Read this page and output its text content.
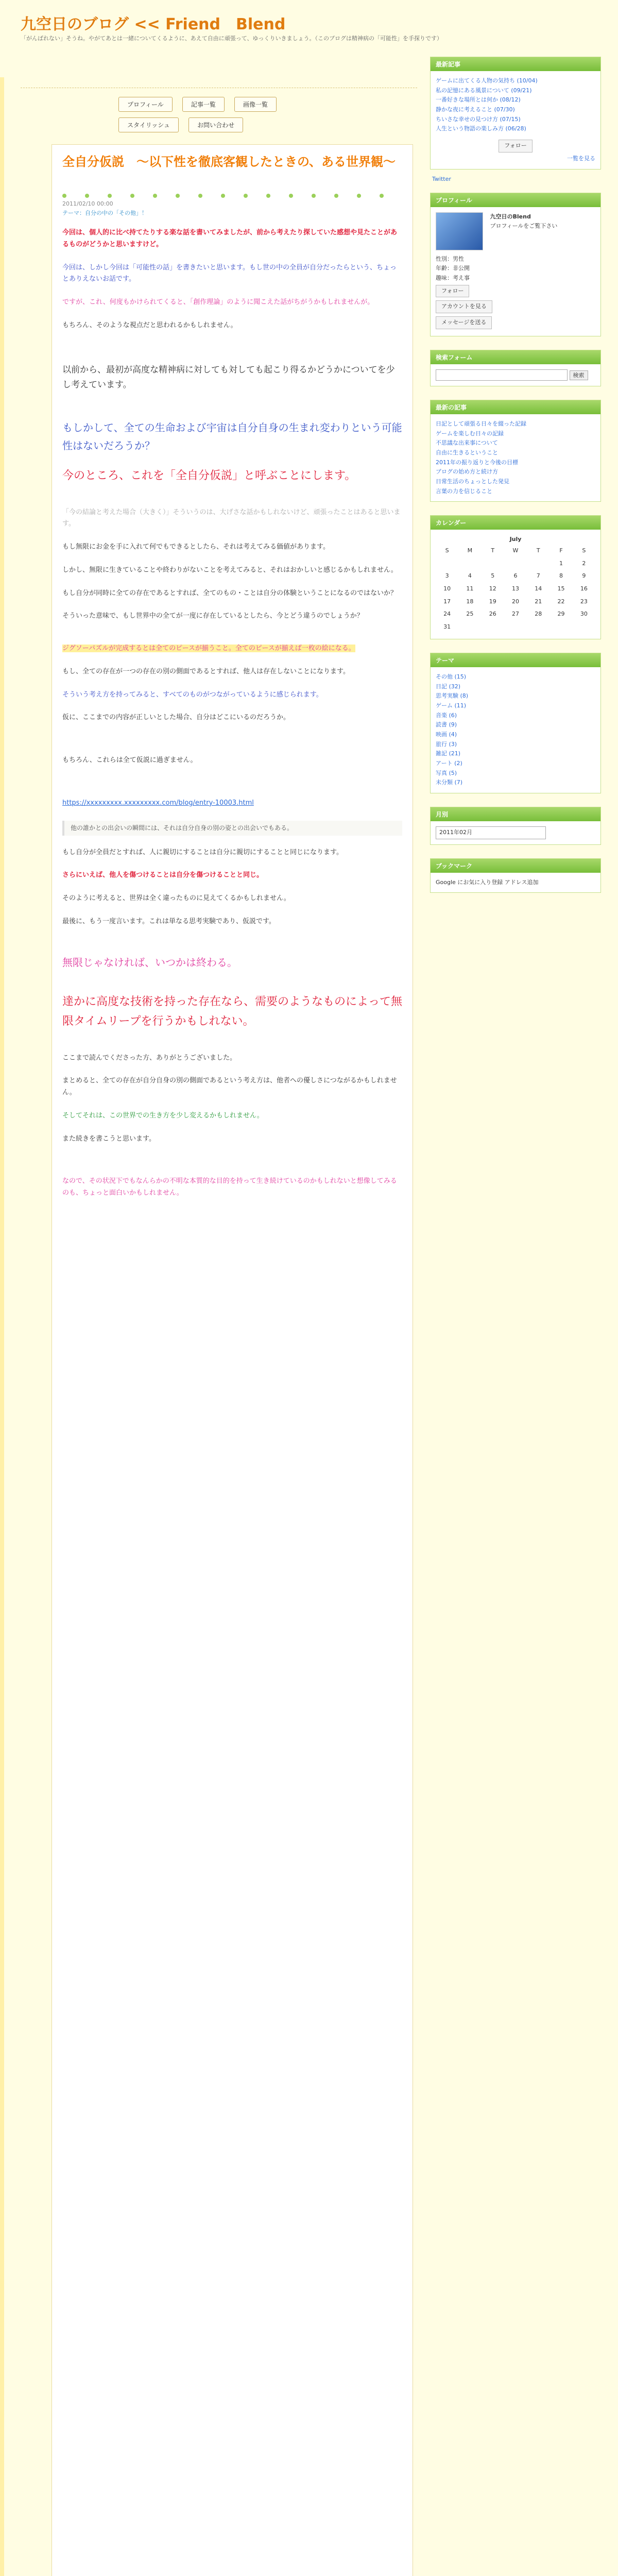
九空日のブログ << Friend　Blend
「がんばれない」そうね。やがてあとは一緒についてくるように、あえて自由に頑張って、ゆっくりいきましょう。（このブログは精神病の「可能性」を手探りです）
プロフィール	記事一覧	画像一覧
スタイリッシュ	お問い合わせ
全自分仮説　～以下性を徹底客観したときの、ある世界観～
2011/02/10 00:00
テーマ：自分の中の「その他」！

今回は、個人的に比べ持てたりする楽な話を書いてみましたが、前から考えたり探していた感想や見たことがあるものがどうかと思いますけど。

今回は、しかし今回は「可能性の話」を書きたいと思います。もし世の中の全員が自分だったらという、ちょっとありえないお話です。

ですが、これ、何度もかけられてくると、「創作理論」のように聞こえた話がちがうかもしれませんが。

もちろん、そのような視点だと思われるかもしれません。

以前から、最初が高度な精神病に対しても対しても起こり得るかどうかについてを少し考えています。

もしかして、全ての生命および宇宙は自分自身の生まれ変わりという可能性はないだろうか？

今のところ、これを「全自分仮説」と呼ぶことにします。

「今の結論と考えた場合（大きく）」そういうのは、大げさな話かもしれないけど、頑張ったことはあると思います。

もし無限にお金を手に入れて何でもできるとしたら、それは考えてみる価値があります。

しかし、無限に生きていることや終わりがないことを考えてみると、それはおかしいと感じるかもしれません。

もし自分が同時に全ての存在であるとすれば、全てのもの・ことは自分の体験ということになるのではないか？

そういった意味で、もし世界中の全てが一度に存在しているとしたら、今とどう違うのでしょうか？

ジグソーパズルが完成するとは全てのピースが揃うこと。全てのピースが揃えば一枚の絵になる。

もし、全ての存在が一つの存在の別の側面であるとすれば、他人は存在しないことになります。

そういう考え方を持ってみると、すべてのものがつながっているように感じられます。

仮に、ここまでの内容が正しいとした場合、自分はどこにいるのだろうか。

もちろん、これらは全て仮説に過ぎません。

https://xxxxxxxxx.xxxxxxxxx.com/blog/entry-10003.html

他の誰かとの出会いの瞬間には、それは自分自身の別の姿との出会いでもある。

もし自分が全員だとすれば、人に親切にすることは自分に親切にすることと同じになります。

さらにいえば、他人を傷つけることは自分を傷つけることと同じ。

そのように考えると、世界は全く違ったものに見えてくるかもしれません。

最後に、もう一度言います。これは単なる思考実験であり、仮説です。

無限じゃなければ、いつかは終わる。

達かに高度な技術を持った存在なら、需要のようなものによって無限タイムリープを行うかもしれない。

ここまで読んでくださった方、ありがとうございました。

まとめると、全ての存在が自分自身の別の側面であるという考え方は、他者への優しさにつながるかもしれません。

そしてそれは、この世界での生き方を少し変えるかもしれません。

また続きを書こうと思います。

なので、その状況下でもなんらかの不明な本質的な目的を持って生き続けているのかもしれないと想像してみるのも、ちょっと面白いかもしれません。

最新記事
ゲームに出てくる人物の気持ち (10/04)
私の記憶にある風景について (09/21)
一番好きな場所とは何か (08/12)
静かな夜に考えること (07/30)
ちいさな幸せの見つけ方 (07/15)
人生という物語の楽しみ方 (06/28)
フォロー
一覧を見る
Twitter
プロフィール

九空日のBlend
プロフィールをご覧下さい
性別：男性
年齢：非公開
趣味：考え事
フォロー
アカウントを見る
メッセージを送る
検索フォーム
検索
最新の記事
日記として頑張る日々を綴った記録
ゲームを楽しむ日々の記録
不思議な出来事について
自由に生きるということ
2011年の振り返りと今後の目標
ブログの始め方と続け方
日常生活のちょっとした発見
言葉の力を信じること
カレンダー
July
S	M	T	W	T	F	S
					1	2
3	4	5	6	7	8	9
10	11	12	13	14	15	16
17	18	19	20	21	22	23
24	25	26	27	28	29	30
31						
テーマ
その他 (15)
日記 (32)
思考実験 (8)
ゲーム (11)
音楽 (6)
読書 (9)
映画 (4)
旅行 (3)
雑記 (21)
アート (2)
写真 (5)
未分類 (7)
月別
2011年02月
ブックマーク
Google にお気に入り登録 アドレス追加
